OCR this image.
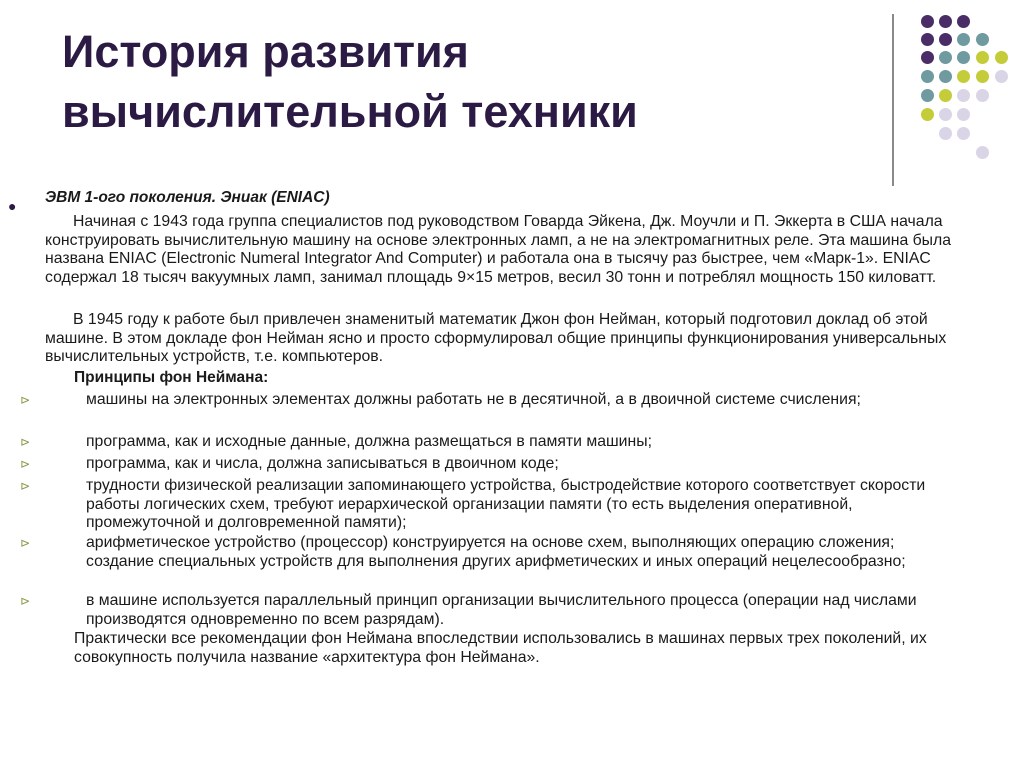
История развития
вычислительной техники
● ЭВМ 1-ого поколения. Эниак (ENIAC)
Начиная с 1943 года группа специалистов под руководством Говарда Эйкена, Дж. Моучли и П. Эккерта в США начала конструировать вычислительную машину на основе электронных ламп, а не на электромагнитных реле. Эта машина была названа ENIAC (Electronic Numeral Integrator And Computer) и работала она в тысячу раз быстрее, чем «Марк-1». ENIAC содержал 18 тысяч вакуумных ламп, занимал площадь 9×15 метров, весил 30 тонн и потреблял мощность 150 киловатт.
В 1945 году к работе был привлечен знаменитый математик Джон фон Нейман, который подготовил доклад об этой машине. В этом докладе фон Нейман ясно и просто сформулировал общие принципы функционирования универсальных вычислительных устройств, т.е. компьютеров.
Принципы фон Неймана:
⊳	машины на электронных элементах должны работать не в десятичной, а в двоичной системе счисления;
⊳	программа, как и исходные данные, должна размещаться в памяти машины;
⊳	программа, как и числа, должна записываться в двоичном коде;
⊳	трудности физической реализации запоминающего устройства, быстродействие которого соответствует скорости работы логических схем, требуют иерархической организации памяти (то есть выделения оперативной, промежуточной и долговременной памяти);
⊳	арифметическое устройство (процессор) конструируется на основе схем, выполняющих операцию сложения; создание специальных устройств для выполнения других арифметических и иных операций нецелесообразно;
⊳	в машине используется параллельный принцип организации вычислительного процесса (операции над числами производятся одновременно по всем разрядам).
Практически все рекомендации фон Неймана впоследствии использовались в машинах первых трех поколений, их совокупность получила название «архитектура фон Неймана».
